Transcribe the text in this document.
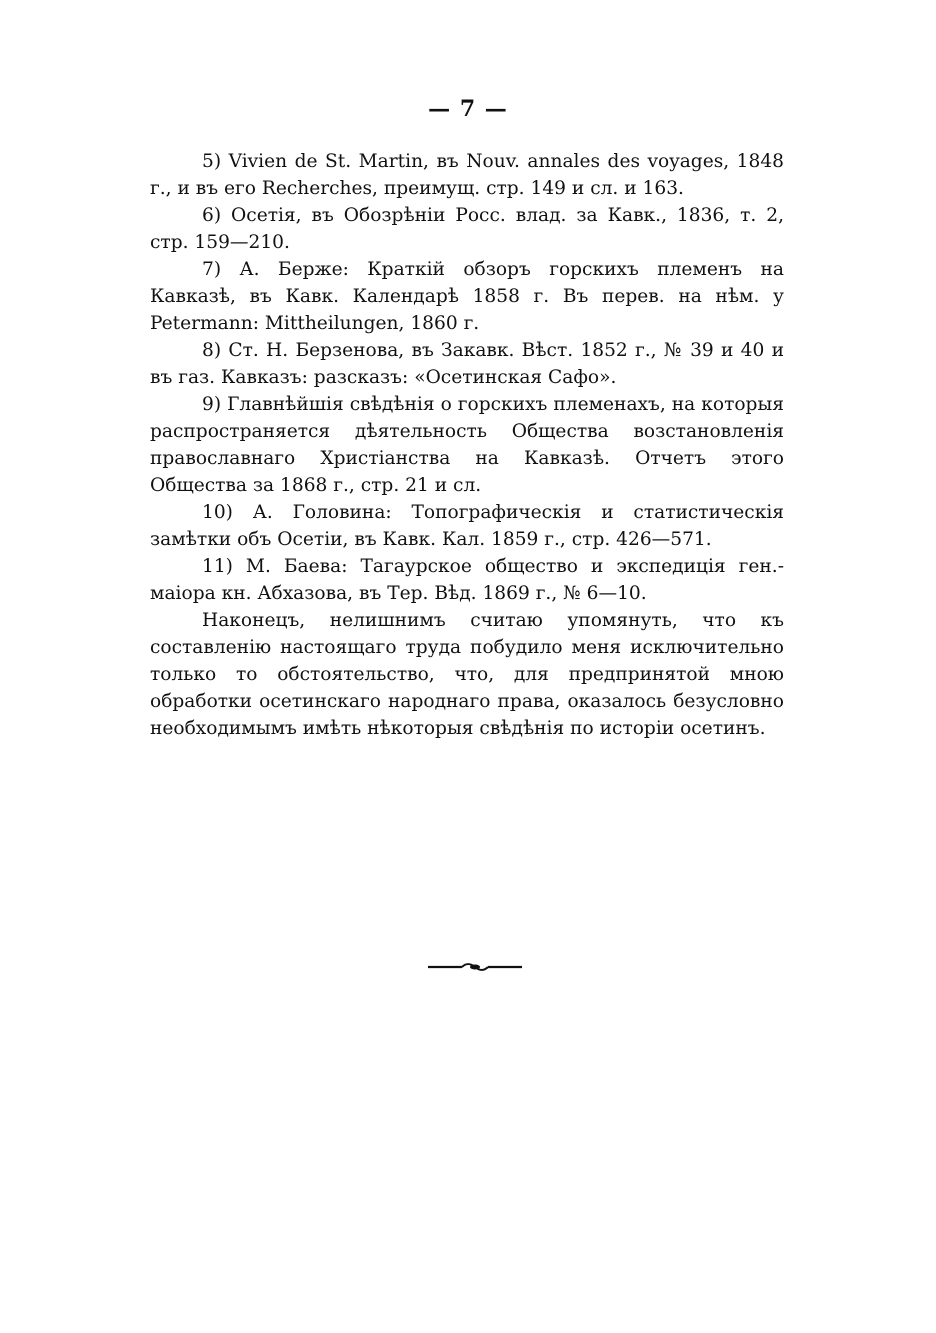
— 7 —

5) Vivien de St. Martin, въ Nouv. annales des voyages, 1848 г., и въ его Recherches, преимущ. стр. 149 и сл. и 163.

6) Осетія, въ Обозрѣніи Росс. влад. за Кавк., 1836, т. 2, стр. 159—210.

7) А. Берже: Краткій обзоръ горскихъ племенъ на Кавказѣ, въ Кавк. Календарѣ 1858 г. Въ перев. на нѣм. у Petermann: Mittheilungen, 1860 г.

8) Ст. Н. Берзенова, въ Закавк. Вѣст. 1852 г., № 39 и 40 и въ газ. Кавказъ: разсказъ: «Осетинская Сафо».

9) Главнѣйшія свѣдѣнія о горскихъ племенахъ, на которыя распространяется дѣятельность Общества возстановленія православнаго Христіанства на Кавказѣ. Отчетъ этого Общества за 1868 г., стр. 21 и сл.

10) А. Головина: Топографическія и статистическія замѣтки объ Осетіи, въ Кавк. Кал. 1859 г., стр. 426—571.

11) М. Баева: Тагаурское общество и экспедиція ген.-маіора кн. Абхазова, въ Тер. Вѣд. 1869 г., № 6—10.

Наконецъ, нелишнимъ считаю упомянуть, что къ составленію настоящаго труда побудило меня исключительно только то обстоятельство, что, для предпринятой мною обработки осетинскаго народнаго права, оказалось безусловно необходимымъ имѣть нѣкоторыя свѣдѣнія по исторіи осетинъ.
